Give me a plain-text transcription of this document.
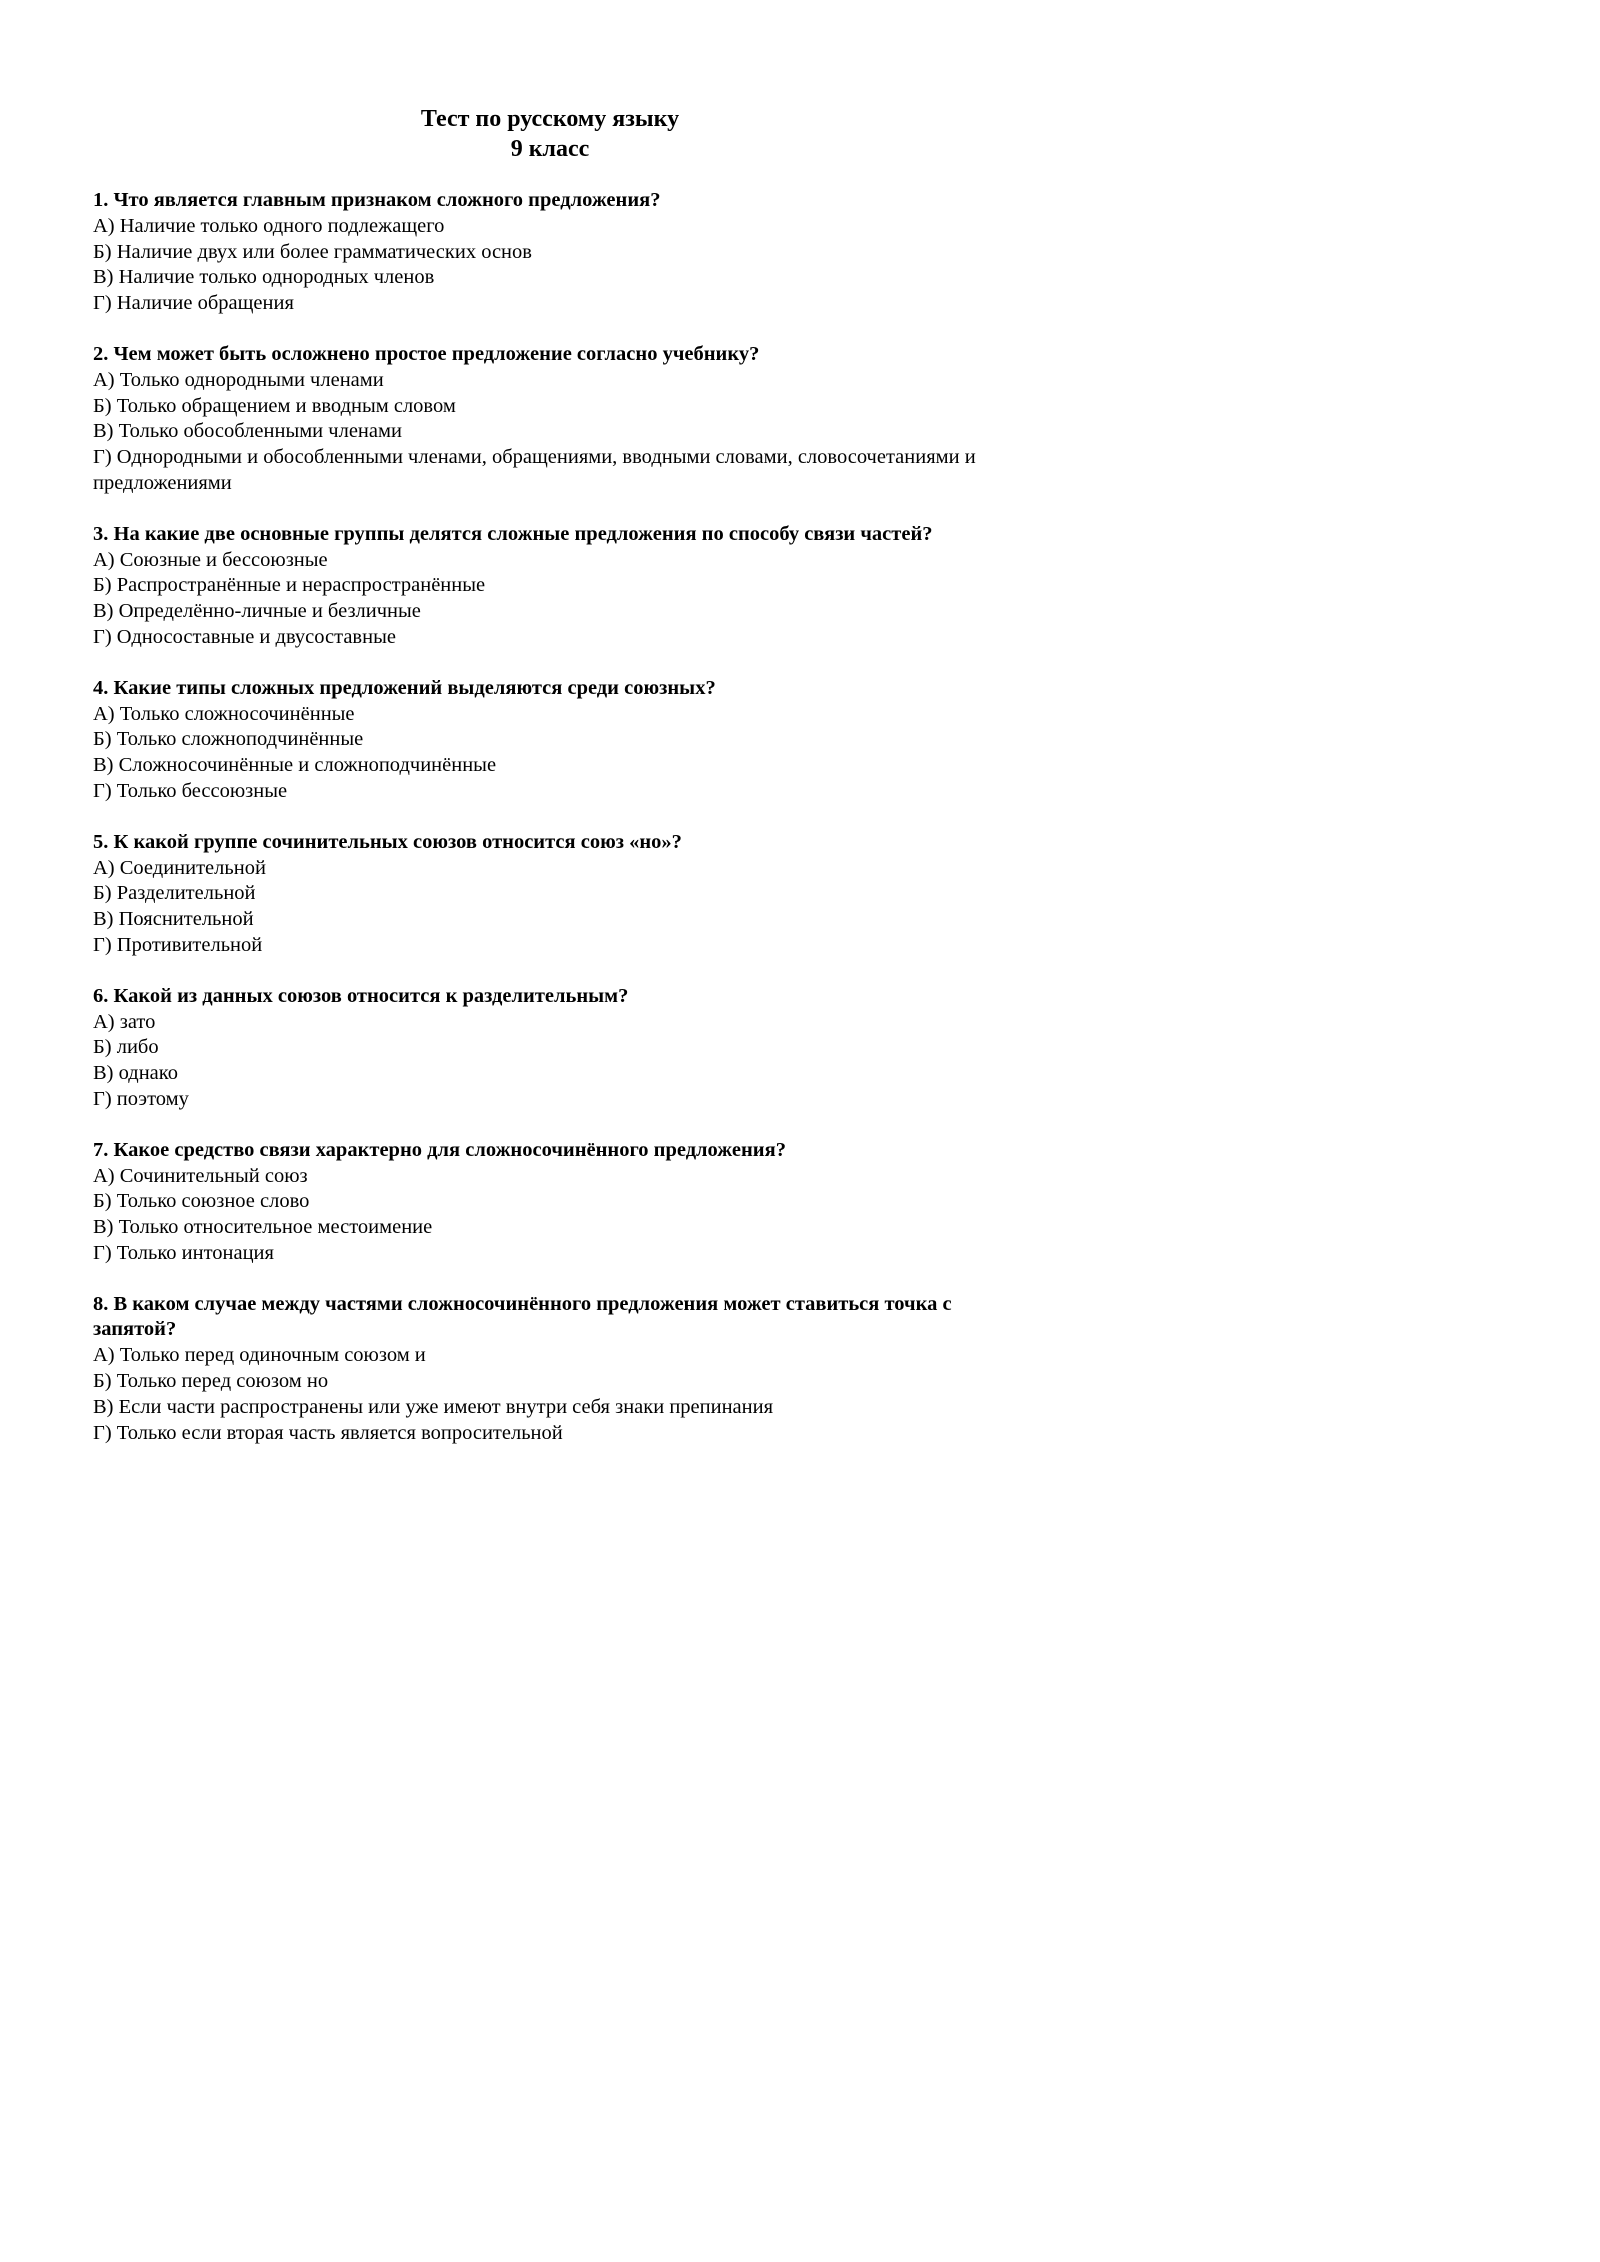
Тест по русскому языку
9 класс
1. Что является главным признаком сложного предложения?
А) Наличие только одного подлежащего
Б) Наличие двух или более грамматических основ
В) Наличие только однородных членов
Г) Наличие обращения
2. Чем может быть осложнено простое предложение согласно учебнику?
А) Только однородными членами
Б) Только обращением и вводным словом
В) Только обособленными членами
Г) Однородными и обособленными членами, обращениями, вводными словами, словосочетаниями и предложениями
3. На какие две основные группы делятся сложные предложения по способу связи частей?
А) Союзные и бессоюзные
Б) Распространённые и нераспространённые
В) Определённо-личные и безличные
Г) Односоставные и двусоставные
4. Какие типы сложных предложений выделяются среди союзных?
А) Только сложносочинённые
Б) Только сложноподчинённые
В) Сложносочинённые и сложноподчинённые
Г) Только бессоюзные
5. К какой группе сочинительных союзов относится союз «но»?
А) Соединительной
Б) Разделительной
В) Пояснительной
Г) Противительной
6. Какой из данных союзов относится к разделительным?
А) зато
Б) либо
В) однако
Г) поэтому
7. Какое средство связи характерно для сложносочинённого предложения?
А) Сочинительный союз
Б) Только союзное слово
В) Только относительное местоимение
Г) Только интонация
8. В каком случае между частями сложносочинённого предложения может ставиться точка с запятой?
А) Только перед одиночным союзом и
Б) Только перед союзом но
В) Если части распространены или уже имеют внутри себя знаки препинания
Г) Только если вторая часть является вопросительной
